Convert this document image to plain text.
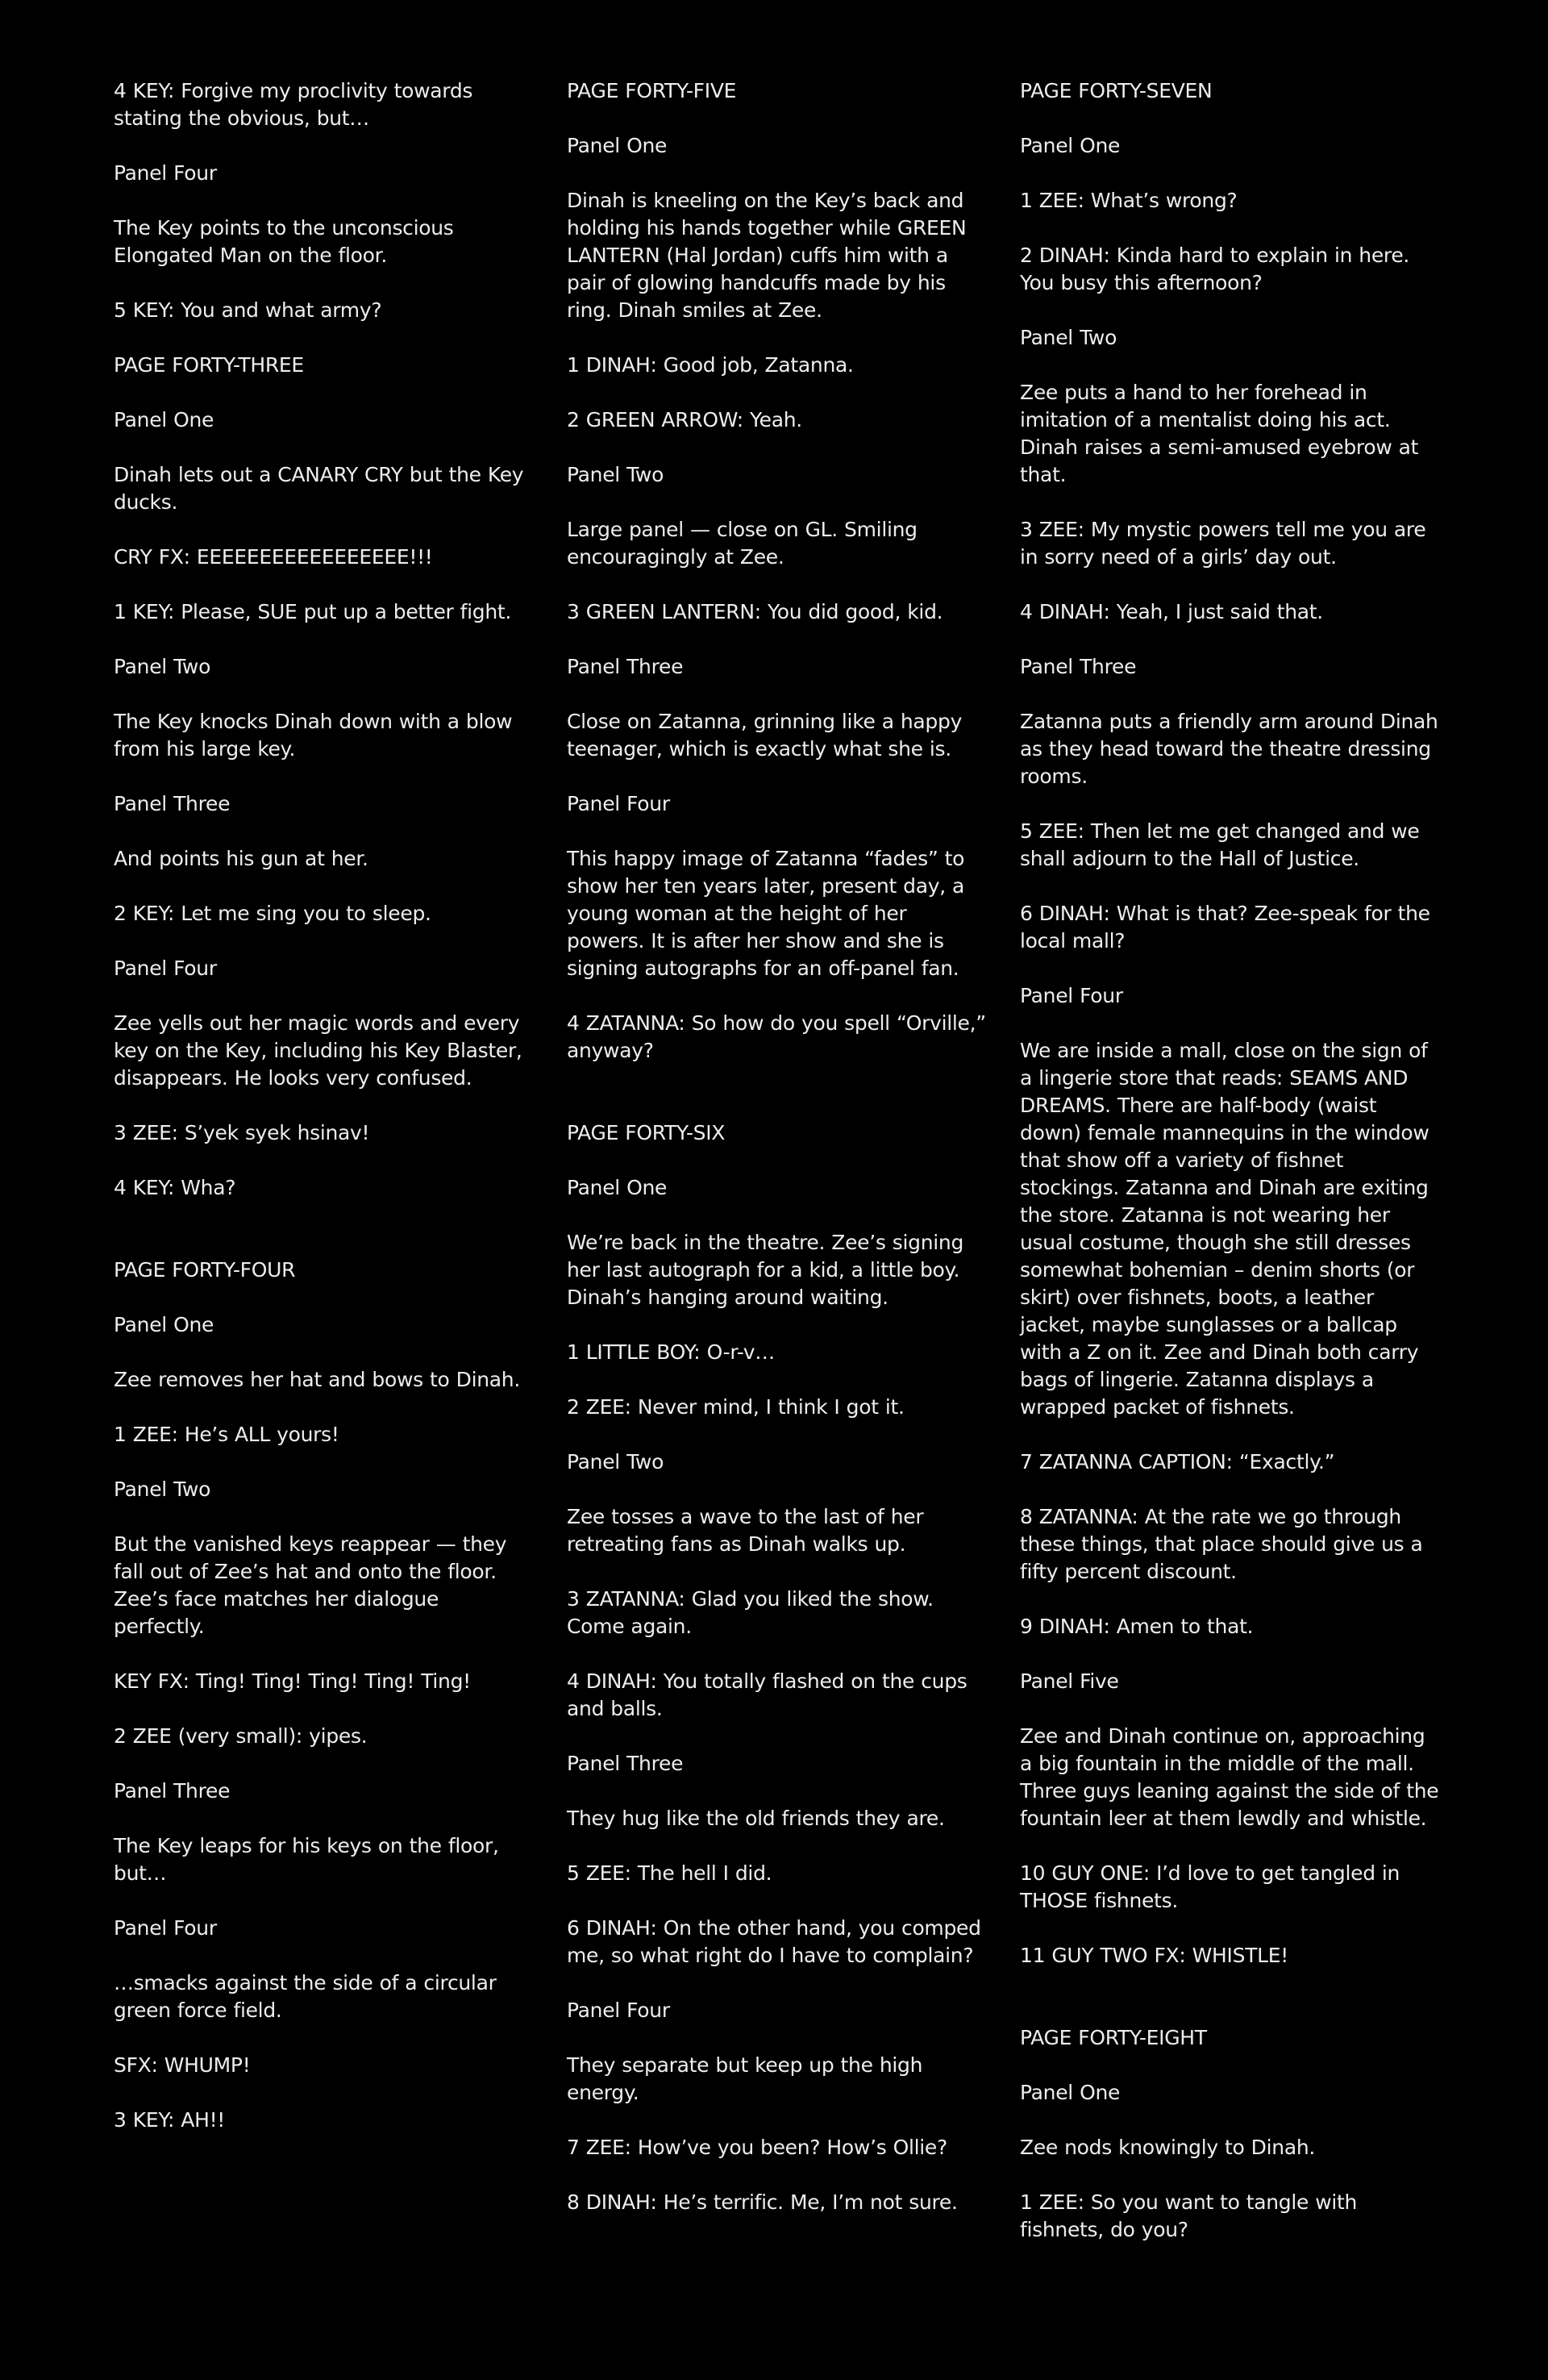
4 KEY: Forgive my proclivity towards stating the obvious, but…

Panel Four

The Key points to the unconscious Elongated Man on the floor.

5 KEY: You and what army?

PAGE FORTY-THREE

Panel One

Dinah lets out a CANARY CRY but the Key ducks.

CRY FX: EEEEEEEEEEEEEEEEE!!!

1 KEY: Please, SUE put up a better fight.

Panel Two

The Key knocks Dinah down with a blow from his large key.

Panel Three

And points his gun at her.

2 KEY: Let me sing you to sleep.

Panel Four

Zee yells out her magic words and every key on the Key, including his Key Blaster, disappears. He looks very confused.

3 ZEE: S’yek syek hsinav!

4 KEY: Wha?

PAGE FORTY-FOUR

Panel One

Zee removes her hat and bows to Dinah.

1 ZEE: He’s ALL yours!

Panel Two

But the vanished keys reappear — they fall out of Zee’s hat and onto the floor. Zee’s face matches her dialogue perfectly.

KEY FX: Ting! Ting! Ting! Ting! Ting!

2 ZEE (very small): yipes.

Panel Three

The Key leaps for his keys on the floor, but…

Panel Four

…smacks against the side of a circular green force field.

SFX: WHUMP!

3 KEY: AH!!

PAGE FORTY-FIVE

Panel One

Dinah is kneeling on the Key’s back and holding his hands together while GREEN LANTERN (Hal Jordan) cuffs him with a pair of glowing handcuffs made by his ring. Dinah smiles at Zee.

1 DINAH: Good job, Zatanna.

2 GREEN ARROW: Yeah.

Panel Two

Large panel — close on GL. Smiling encouragingly at Zee.

3 GREEN LANTERN: You did good, kid.

Panel Three

Close on Zatanna, grinning like a happy teenager, which is exactly what she is.

Panel Four

This happy image of Zatanna “fades” to show her ten years later, present day, a young woman at the height of her powers. It is after her show and she is signing autographs for an off-panel fan.

4 ZATANNA: So how do you spell “Orville,” anyway?

PAGE FORTY-SIX

Panel One

We’re back in the theatre. Zee’s signing her last autograph for a kid, a little boy. Dinah’s hanging around waiting.

1 LITTLE BOY: O-r-v…

2 ZEE: Never mind, I think I got it.

Panel Two

Zee tosses a wave to the last of her retreating fans as Dinah walks up.

3 ZATANNA: Glad you liked the show. Come again.

4 DINAH: You totally flashed on the cups and balls.

Panel Three

They hug like the old friends they are.

5 ZEE: The hell I did.

6 DINAH: On the other hand, you comped me, so what right do I have to complain?

Panel Four

They separate but keep up the high energy.

7 ZEE: How’ve you been? How’s Ollie?

8 DINAH: He’s terrific. Me, I’m not sure.

PAGE FORTY-SEVEN

Panel One

1 ZEE: What’s wrong?

2 DINAH: Kinda hard to explain in here. You busy this afternoon?

Panel Two

Zee puts a hand to her forehead in imitation of a mentalist doing his act. Dinah raises a semi-amused eyebrow at that.

3 ZEE: My mystic powers tell me you are in sorry need of a girls’ day out.

4 DINAH: Yeah, I just said that.

Panel Three

Zatanna puts a friendly arm around Dinah as they head toward the theatre dressing rooms.

5 ZEE: Then let me get changed and we shall adjourn to the Hall of Justice.

6 DINAH: What is that? Zee-speak for the local mall?

Panel Four

We are inside a mall, close on the sign of a lingerie store that reads: SEAMS AND DREAMS. There are half-body (waist down) female mannequins in the window that show off a variety of fishnet stockings. Zatanna and Dinah are exiting the store. Zatanna is not wearing her usual costume, though she still dresses somewhat bohemian – denim shorts (or skirt) over fishnets, boots, a leather jacket, maybe sunglasses or a ballcap with a Z on it. Zee and Dinah both carry bags of lingerie. Zatanna displays a wrapped packet of fishnets.

7 ZATANNA CAPTION: “Exactly.”

8 ZATANNA: At the rate we go through these things, that place should give us a fifty percent discount.

9 DINAH: Amen to that.

Panel Five

Zee and Dinah continue on, approaching a big fountain in the middle of the mall. Three guys leaning against the side of the fountain leer at them lewdly and whistle.

10 GUY ONE: I’d love to get tangled in THOSE fishnets.

11 GUY TWO FX: WHISTLE!

PAGE FORTY-EIGHT

Panel One

Zee nods knowingly to Dinah.

1 ZEE: So you want to tangle with fishnets, do you?
